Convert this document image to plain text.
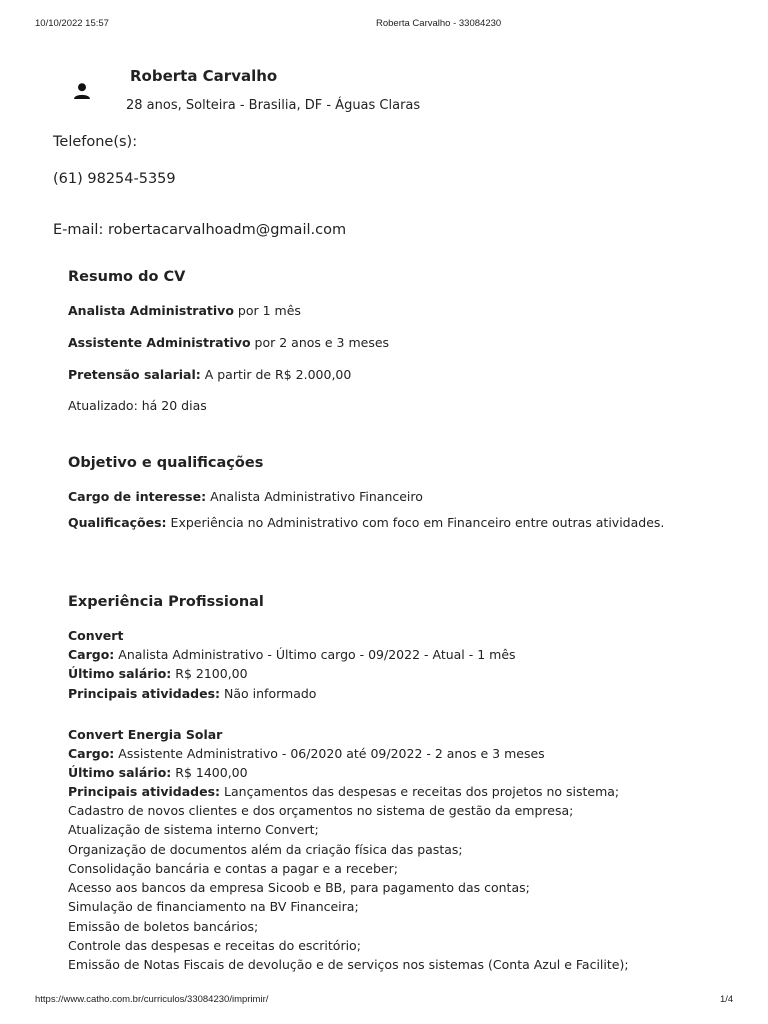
10/10/2022 15:57	Roberta Carvalho - 33084230
Roberta Carvalho
28 anos, Solteira - Brasilia, DF - Águas Claras
Telefone(s):
(61) 98254-5359
E-mail: robertacarvalhoadm@gmail.com
Resumo do CV
Analista Administrativo por 1 mês
Assistente Administrativo por 2 anos e 3 meses
Pretensão salarial: A partir de R$ 2.000,00
Atualizado: há 20 dias
Objetivo e qualificações
Cargo de interesse: Analista Administrativo Financeiro
Qualificações: Experiência no Administrativo com foco em Financeiro entre outras atividades.
Experiência Profissional
Convert
Cargo: Analista Administrativo - Último cargo - 09/2022 - Atual - 1 mês
Último salário: R$ 2100,00
Principais atividades: Não informado
Convert Energia Solar
Cargo: Assistente Administrativo - 06/2020 até 09/2022 - 2 anos e 3 meses
Último salário: R$ 1400,00
Principais atividades: Lançamentos das despesas e receitas dos projetos no sistema;
Cadastro de novos clientes e dos orçamentos no sistema de gestão da empresa;
Atualização de sistema interno Convert;
Organização de documentos além da criação física das pastas;
Consolidação bancária e contas a pagar e a receber;
Acesso aos bancos da empresa Sicoob e BB, para pagamento das contas;
Simulação de financiamento na BV Financeira;
Emissão de boletos bancários;
Controle das despesas e receitas do escritório;
Emissão de Notas Fiscais de devolução e de serviços nos sistemas (Conta Azul e Facilite);
https://www.catho.com.br/curriculos/33084230/imprimir/	1/4
